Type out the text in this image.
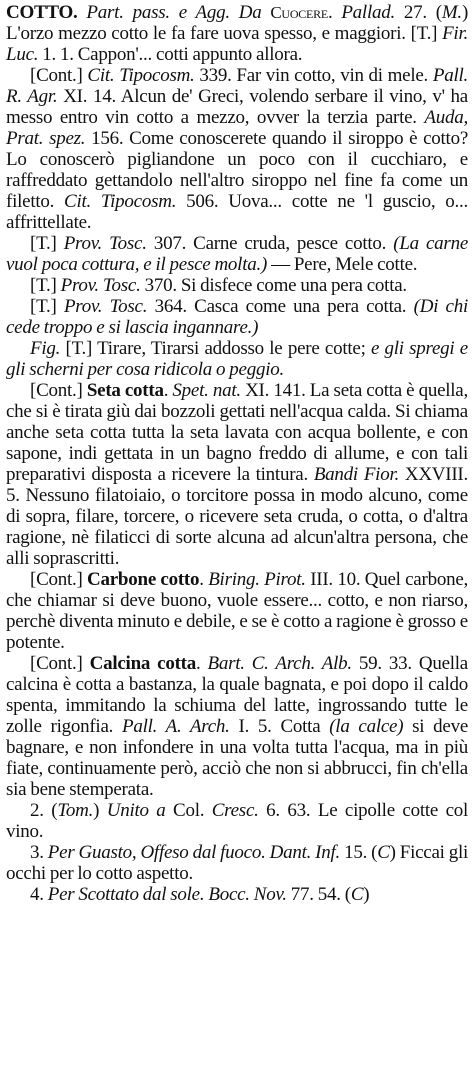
COTTO. Part. pass. e Agg. Da Cuocere. Pallad. 27. (M.) L'orzo mezzo cotto le fa fare uova spesso, e maggiori. [T.] Fir. Luc. 1. 1. Cappon'... cotti appunto allora.

[Cont.] Cit. Tipocosm. 339. Far vin cotto, vin di mele. Pall. R. Agr. XI. 14. Alcun de' Greci, volendo serbare il vino, v' ha messo entro vin cotto a mezzo, ovver la terzia parte. Auda, Prat. spez. 156. Come conoscerete quando il siroppo è cotto? Lo conoscerò pigliandone un poco con il cucchiaro, e raffreddato gettandolo nell'altro siroppo nel fine fa come un filetto. Cit. Tipocosm. 506. Uova... cotte ne 'l guscio, o... affrittellate.

[T.] Prov. Tosc. 307. Carne cruda, pesce cotto. (La carne vuol poca cottura, e il pesce molta.) — Pere, Mele cotte.

[T.] Prov. Tosc. 370. Si disfece come una pera cotta.

[T.] Prov. Tosc. 364. Casca come una pera cotta. (Di chi cede troppo e si lascia ingannare.)

Fig. [T.] Tirare, Tirarsi addosso le pere cotte; e gli spregi e gli scherni per cosa ridicola o peggio.

[Cont.] Seta cotta. Spet. nat. XI. 141. La seta cotta è quella, che si è tirata giù dai bozzoli gettati nell'acqua calda. Si chiama anche seta cotta tutta la seta lavata con acqua bollente, e con sapone, indi gettata in un bagno freddo di allume, e con tali preparativi disposta a ricevere la tintura. Bandi Fior. XXVIII. 5. Nessuno filatoiaio, o torcitore possa in modo alcuno, come di sopra, filare, torcere, o ricevere seta cruda, o cotta, o d'altra ragione, nè filaticci di sorte alcuna ad alcun'altra persona, che alli soprascritti.

[Cont.] Carbone cotto. Biring. Pirot. III. 10. Quel carbone, che chiamar si deve buono, vuole essere... cotto, e non riarso, perchè diventa minuto e debile, e se è cotto a ragione è grosso e potente.

[Cont.] Calcina cotta. Bart. C. Arch. Alb. 59. 33. Quella calcina è cotta a bastanza, la quale bagnata, e poi dopo il caldo spenta, immitando la schiuma del latte, ingrossando tutte le zolle rigonfia. Pall. A. Arch. I. 5. Cotta (la calce) si deve bagnare, e non infondere in una volta tutta l'acqua, ma in più fiate, continuamente però, acciò che non si abbrucci, fin ch'ella sia bene stemperata.

2. (Tom.) Unito a Col. Cresc. 6. 63. Le cipolle cotte col vino.

3. Per Guasto, Offeso dal fuoco. Dant. Inf. 15. (C) Ficcai gli occhi per lo cotto aspetto.

4. Per Scottato dal sole. Bocc. Nov. 77. 54. (C)
